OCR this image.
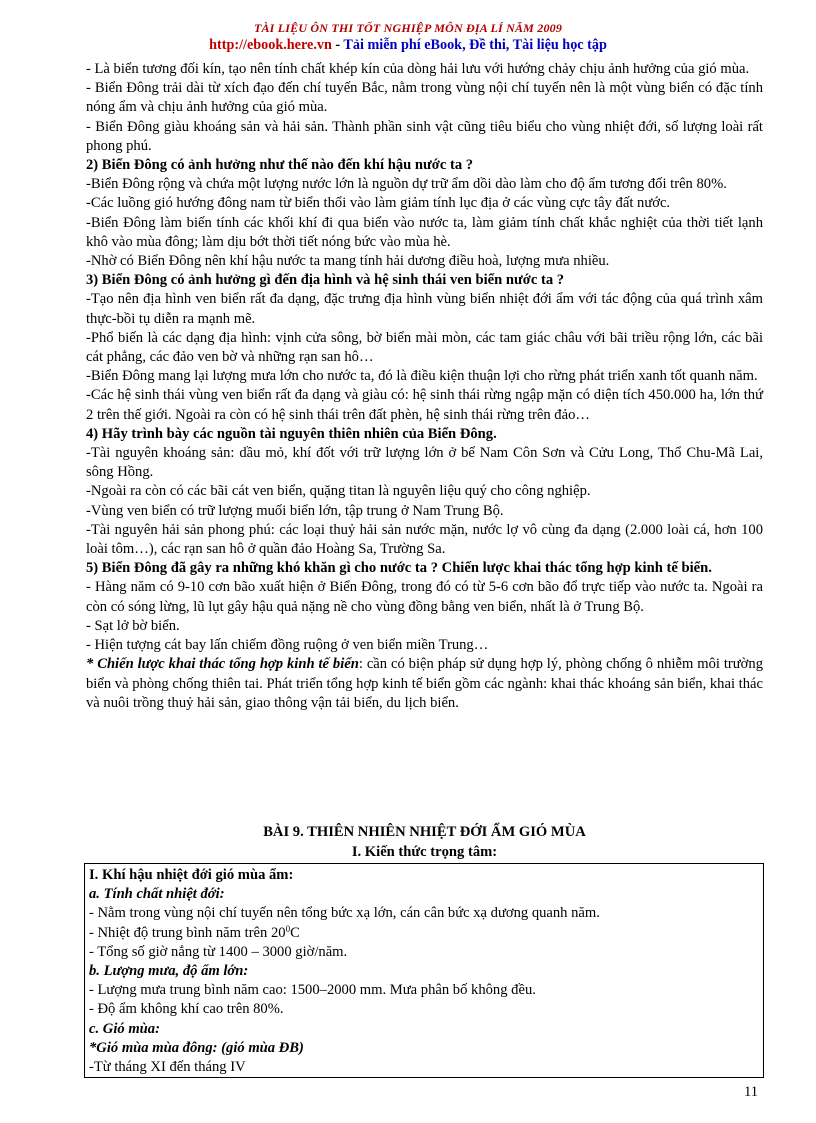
TÀI LIỆU ÔN THI TỐT NGHIỆP MÔN ĐỊA LÍ NĂM 2009
http://ebook.here.vn - Tải miễn phí eBook, Đề thi, Tài liệu học tập

- Là biển tương đối kín, tạo nên tính chất khép kín của dòng hải lưu với hướng chảy chịu ảnh hưởng của gió mùa.

- Biển Đông trải dài từ xích đạo đến chí tuyến Bắc, nằm trong vùng nội chí tuyến nên là một vùng biển có đặc tính nóng ẩm và chịu ảnh hưởng của gió mùa.

- Biển Đông giàu khoáng sản và hải sản. Thành phần sinh vật cũng tiêu biểu cho vùng nhiệt đới, số lượng loài rất phong phú.

2) Biển Đông có ảnh hưởng như thế nào đến khí hậu nước ta ?

-Biển Đông rộng và chứa một lượng nước lớn là nguồn dự trữ ẩm dồi dào làm cho độ ẩm tương đối trên 80%.

-Các luồng gió hướng đông nam từ biển thổi vào làm giảm tính lục địa ở các vùng cực tây đất nước.

-Biển Đông làm biến tính các khối khí đi qua biển vào nước ta, làm giảm tính chất khắc nghiệt của thời tiết lạnh khô vào mùa đông; làm dịu bớt thời tiết nóng bức vào mùa hè.

-Nhờ có Biển Đông nên khí hậu nước ta mang tính hải dương điều hoà, lượng mưa nhiều.

3) Biển Đông có ảnh hưởng gì đến địa hình và hệ sinh thái ven biển nước ta ?

-Tạo nên địa hình ven biển rất đa dạng, đặc trưng địa hình vùng biển nhiệt đới ẩm với tác động của quá trình xâm thực-bồi tụ diễn ra mạnh mẽ.

-Phổ biến là các dạng địa hình: vịnh cửa sông, bờ biển mài mòn, các tam giác châu với bãi triều rộng lớn, các bãi cát phẳng, các đảo ven bờ và những rạn san hô…

-Biển Đông mang lại lượng mưa lớn cho nước ta, đó là điều kiện thuận lợi cho rừng phát triển xanh tốt quanh năm.

-Các hệ sinh thái vùng ven biển rất đa dạng và giàu có: hệ sinh thái rừng ngập mặn có diện tích 450.000 ha, lớn thứ 2 trên thế giới. Ngoài ra còn có hệ sinh thái trên đất phèn, hệ sinh thái rừng trên đảo…

4) Hãy trình bày các nguồn tài nguyên thiên nhiên của Biển Đông.

-Tài nguyên khoáng sản: dầu mỏ, khí đốt với trữ lượng lớn ở bể Nam Côn Sơn và Cửu Long, Thổ Chu-Mã Lai, sông Hồng.

-Ngoài ra còn có các bãi cát ven biển, quặng titan là nguyên liệu quý cho công nghiệp.

-Vùng ven biển có trữ lượng muối biển lớn, tập trung ở Nam Trung Bộ.

-Tài nguyên hải sản phong phú: các loại thuỷ hải sản nước mặn, nước lợ vô cùng đa dạng (2.000 loài cá, hơn 100 loài tôm…), các rạn san hô ở quần đảo Hoàng Sa, Trường Sa.

5) Biển Đông đã gây ra những khó khăn gì cho nước ta ? Chiến lược khai thác tổng hợp kinh tế biển.

- Hàng năm có 9-10 cơn bão xuất hiện ở Biển Đông, trong đó có từ 5-6 cơn bão đổ trực tiếp vào nước ta. Ngoài ra còn có sóng lừng, lũ lụt gây hậu quả nặng nề cho vùng đồng bằng ven biển, nhất là ở Trung Bộ.

- Sạt lở bờ biển.

- Hiện tượng cát bay lấn chiếm đồng ruộng ở ven biển miền Trung…

* Chiến lược khai thác tổng hợp kinh tế biển: cần có biện pháp sử dụng hợp lý, phòng chống ô nhiễm môi trường biển và phòng chống thiên tai. Phát triển tổng hợp kinh tế biển gồm các ngành: khai thác khoáng sản biển, khai thác và nuôi trồng thuỷ hải sản, giao thông vận tải biển, du lịch biển.

BÀI 9. THIÊN NHIÊN NHIỆT ĐỚI ẨM GIÓ MÙA
I. Kiến thức trọng tâm:

I. Khí hậu nhiệt đới gió mùa ẩm:

a. Tính chất nhiệt đới:

- Nằm trong vùng nội chí tuyến nên tổng bức xạ lớn, cán cân bức xạ dương quanh năm.

- Nhiệt độ trung bình năm trên $20^0C$

- Tổng số giờ nắng từ 1400 – 3000 giờ/năm.

b. Lượng mưa, độ ẩm lớn:

- Lượng mưa trung bình năm cao: 1500–2000 mm. Mưa phân bố không đều.

- Độ ẩm không khí cao trên 80%.

c. Gió mùa:

*Gió mùa mùa đông: (gió mùa ĐB)

-Từ tháng XI đến tháng IV

11
